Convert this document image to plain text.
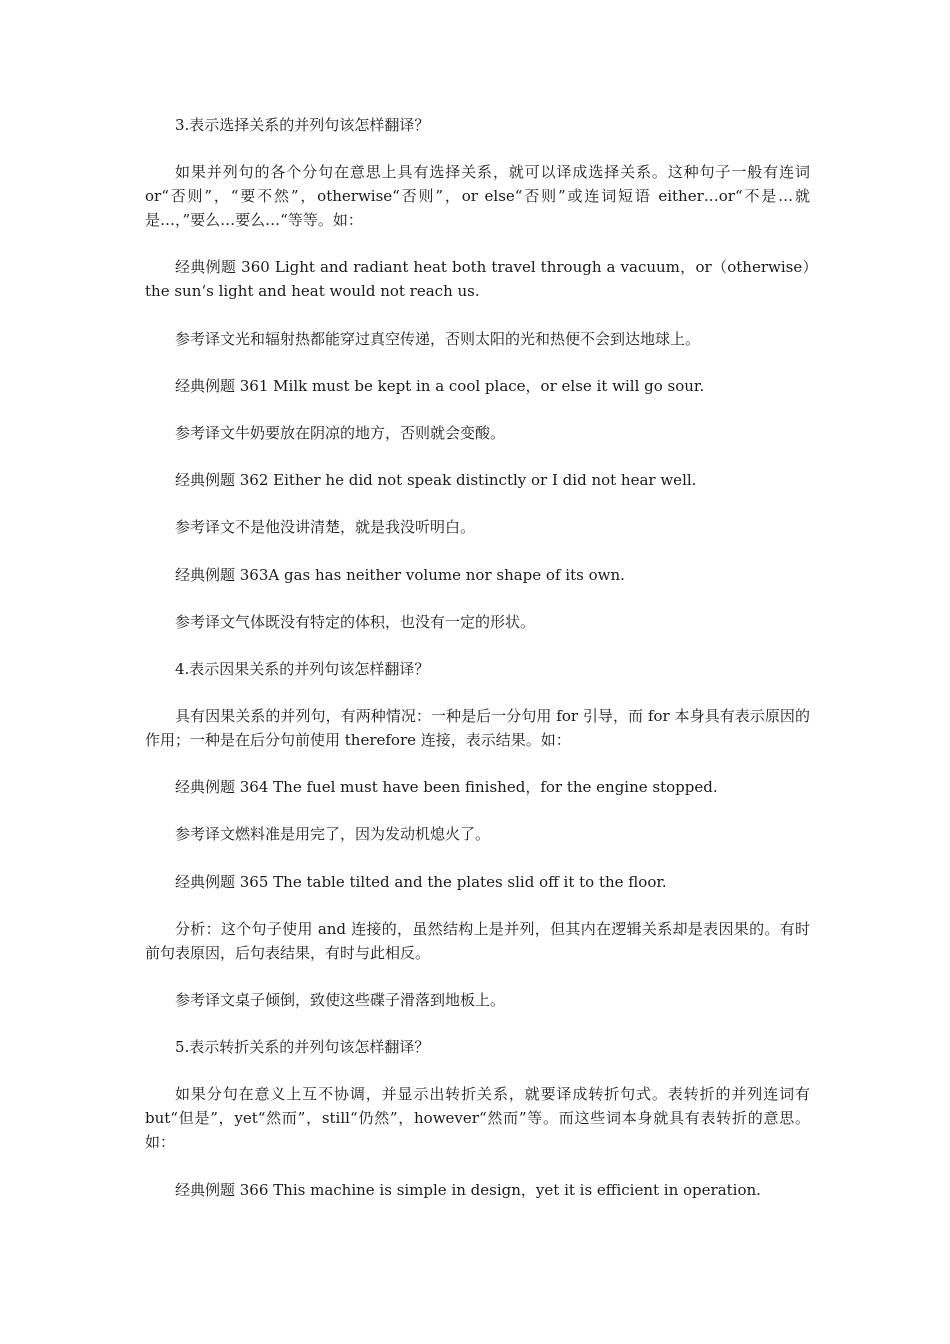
3.表示选择关系的并列句该怎样翻译？

如果并列句的各个分句在意思上具有选择关系，就可以译成选择关系。这种句子一般有连词 or“否则”，“要不然”，otherwise“否则”，or else“否则”或连词短语 either…or“不是…就是…，”要么…要么…“等等。如：

经典例题 360 Light and radiant heat both travel through a vacuum，or（otherwise）the sun‘s light and heat would not reach us.

参考译文光和辐射热都能穿过真空传递，否则太阳的光和热便不会到达地球上。

经典例题 361 Milk must be kept in a cool place，or else it will go sour.

参考译文牛奶要放在阴凉的地方，否则就会变酸。

经典例题 362 Either he did not speak distinctly or I did not hear well.

参考译文不是他没讲清楚，就是我没听明白。

经典例题 363A gas has neither volume nor shape of its own.

参考译文气体既没有特定的体积，也没有一定的形状。

4.表示因果关系的并列句该怎样翻译？

具有因果关系的并列句，有两种情况：一种是后一分句用 for 引导，而 for 本身具有表示原因的作用；一种是在后分句前使用 therefore 连接，表示结果。如：

经典例题 364 The fuel must have been finished，for the engine stopped.

参考译文燃料准是用完了，因为发动机熄火了。

经典例题 365 The table tilted and the plates slid off it to the floor.

分析：这个句子使用 and 连接的，虽然结构上是并列，但其内在逻辑关系却是表因果的。有时前句表原因，后句表结果，有时与此相反。

参考译文桌子倾倒，致使这些碟子滑落到地板上。

5.表示转折关系的并列句该怎样翻译？

如果分句在意义上互不协调，并显示出转折关系，就要译成转折句式。表转折的并列连词有 but“但是”，yet“然而”，still“仍然”，however“然而”等。而这些词本身就具有表转折的意思。如：

经典例题 366 This machine is simple in design，yet it is efficient in operation.
